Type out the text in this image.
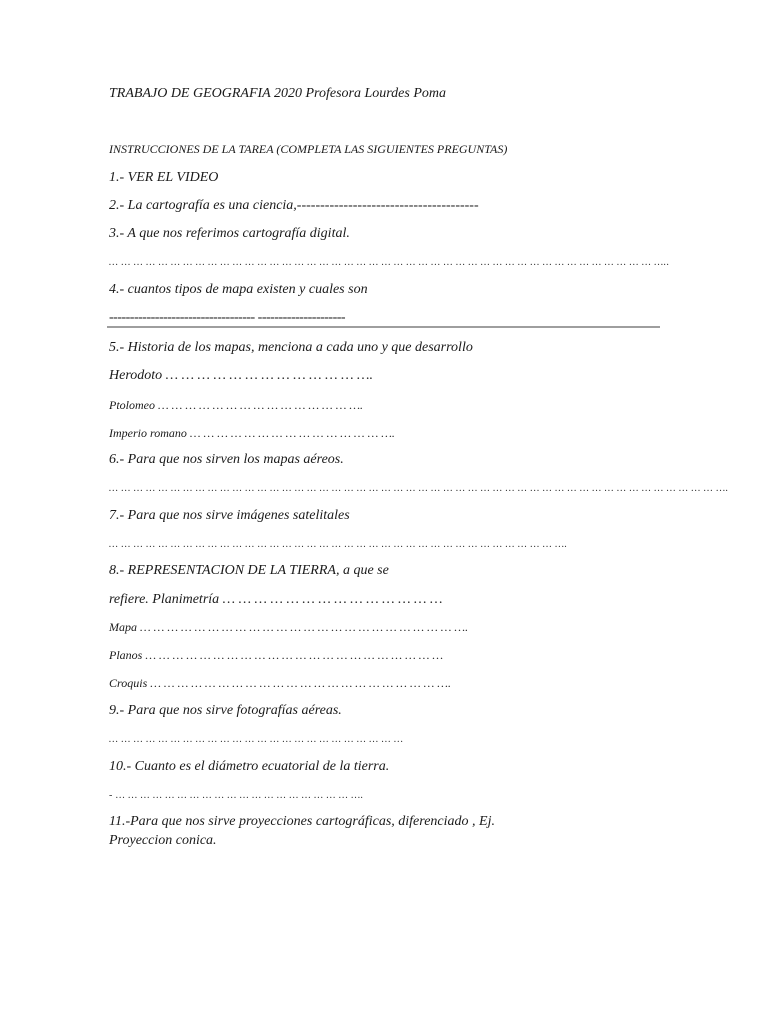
TRABAJO DE GEOGRAFIA 2020 Profesora Lourdes Poma
INSTRUCCIONES DE LA TAREA (COMPLETA LAS SIGUIENTES PREGUNTAS)
1.- VER EL VIDEO
2.- La cartografía es una ciencia,---------------------------------------
3.- A que nos referimos cartografía digital.
… … … … … … … … … … … … … … … … … … … … … … … … … … … … … … … … … … … … … … … … … … … … …..
4.- cuantos tipos de mapa existen y cuales son
----------------------------------- ---------------------
5.- Historia de los mapas, menciona a cada uno y que desarrollo
Herodoto … … … … … … … … … … … … ….
Ptolomeo … … … … … … … … … … … … … … ….
Imperio romano … … … … … … … … … … … … … … ….
6.- Para que nos sirven los mapas aéreos.
… … … … … … … … … … … … … … … … … … … … … … … … … … … … … … … … … … … … … … … … … … … … … … … … … ….
7.- Para que nos sirve imágenes satelitales
… … … … … … … … … … … … … … … … … … … … … … … … … … … … … … … … … … … … ….
8.- REPRESENTACION DE LA TIERRA, a que se
refiere. Planimetría … … … … … … … … … … … … … …
Mapa … … … … … … … … … … … … … … … … … … … … … … … ….
Planos … … … … … … … … … … … … … … … … … … … … … …
Croquis … … … … … … … … … … … … … … … … … … … … … ….
9.- Para que nos sirve fotografías aéreas.
… … … … … … … … … … … … … … … … … … … … … … … …
10.- Cuanto es el diámetro ecuatorial de la tierra.
- … … … … … … … … … … … … … … … … … … … ….
11.-Para que nos sirve proyecciones cartográficas, diferenciado , Ej.
Proyeccion conica.
